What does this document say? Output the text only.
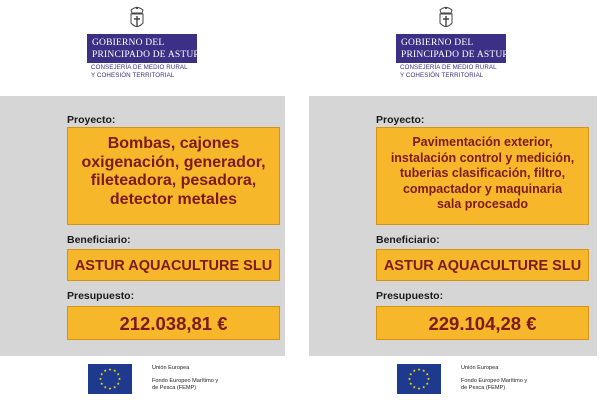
GOBIERNO DEL
PRINCIPADO DE ASTURIAS
CONSEJERÍA DE MEDIO RURAL
Y COHESIÓN TERRITORIAL
Proyecto:
Bombas, cajones
oxigenación, generador,
fileteadora, pesadora,
detector metales
Beneficiario:
ASTUR AQUACULTURE SLU
Presupuesto:
212.038,81 €
Unión Europea
Fondo Europeo Marítimo y
de Pesca (FEMP)
GOBIERNO DEL
PRINCIPADO DE ASTURIAS
CONSEJERÍA DE MEDIO RURAL
Y COHESIÓN TERRITORIAL
Proyecto:
Pavimentación exterior,
instalación control y medición,
tuberias clasificación, filtro,
compactador y maquinaria
sala procesado
Beneficiario:
ASTUR AQUACULTURE SLU
Presupuesto:
229.104,28 €
Unión Europea
Fondo Europeo Marítimo y
de Pesca (FEMP)
